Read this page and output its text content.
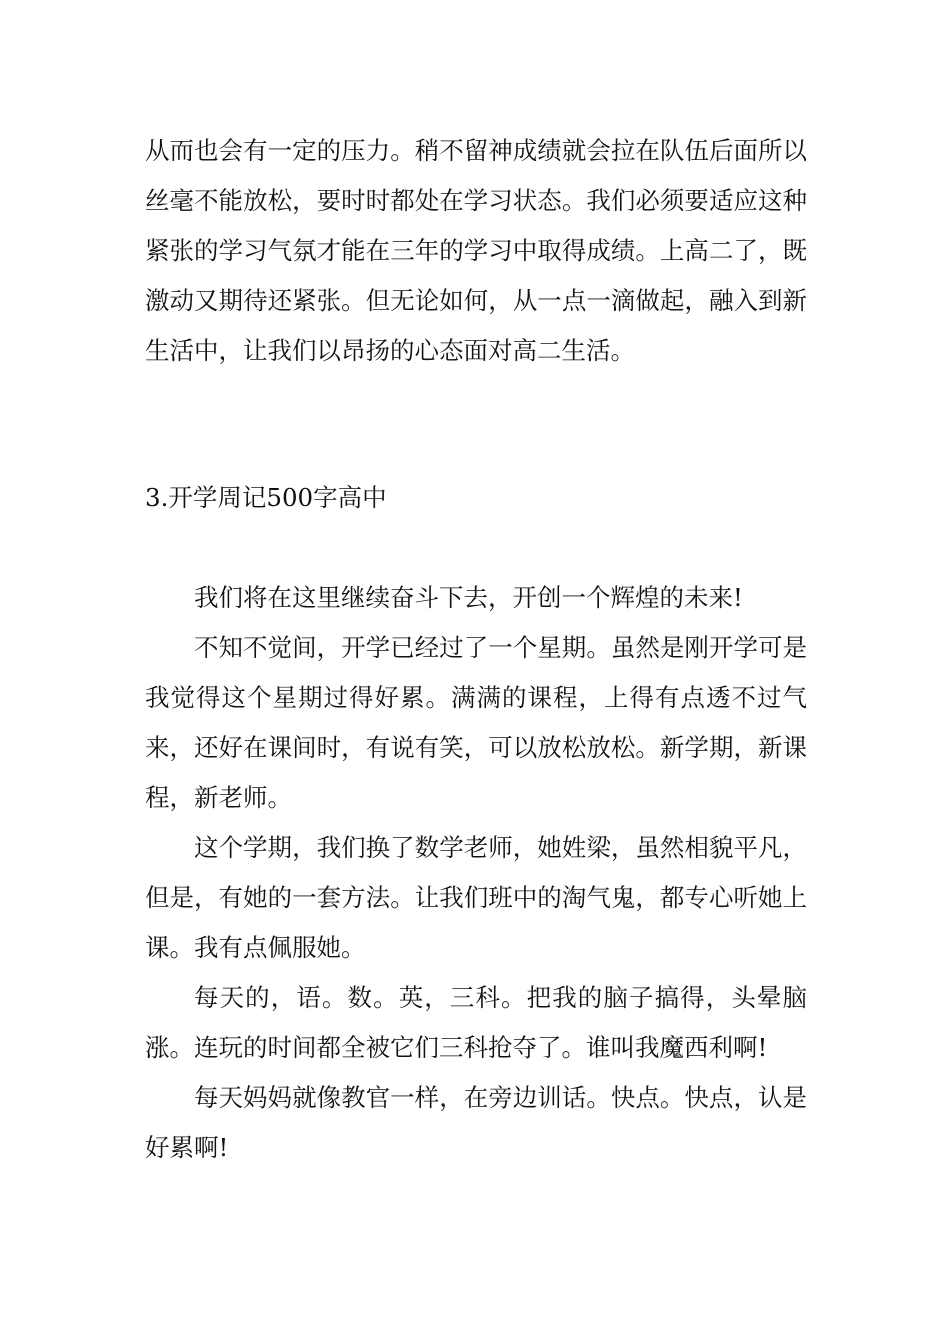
从而也会有一定的压力。稍不留神成绩就会拉在队伍后面所以丝毫不能放松，要时时都处在学习状态。我们必须要适应这种紧张的学习气氛才能在三年的学习中取得成绩。上高二了，既激动又期待还紧张。但无论如何，从一点一滴做起，融入到新生活中，让我们以昂扬的心态面对高二生活。

3.开学周记500字高中

我们将在这里继续奋斗下去，开创一个辉煌的未来!

不知不觉间，开学已经过了一个星期。虽然是刚开学可是我觉得这个星期过得好累。满满的课程，上得有点透不过气来，还好在课间时，有说有笑，可以放松放松。新学期，新课程，新老师。

这个学期，我们换了数学老师，她姓梁，虽然相貌平凡，但是，有她的一套方法。让我们班中的淘气鬼，都专心听她上课。我有点佩服她。

每天的，语。数。英，三科。把我的脑子搞得，头晕脑涨。连玩的时间都全被它们三科抢夺了。谁叫我魔西利啊!

每天妈妈就像教官一样，在旁边训话。快点。快点，认是好累啊!
